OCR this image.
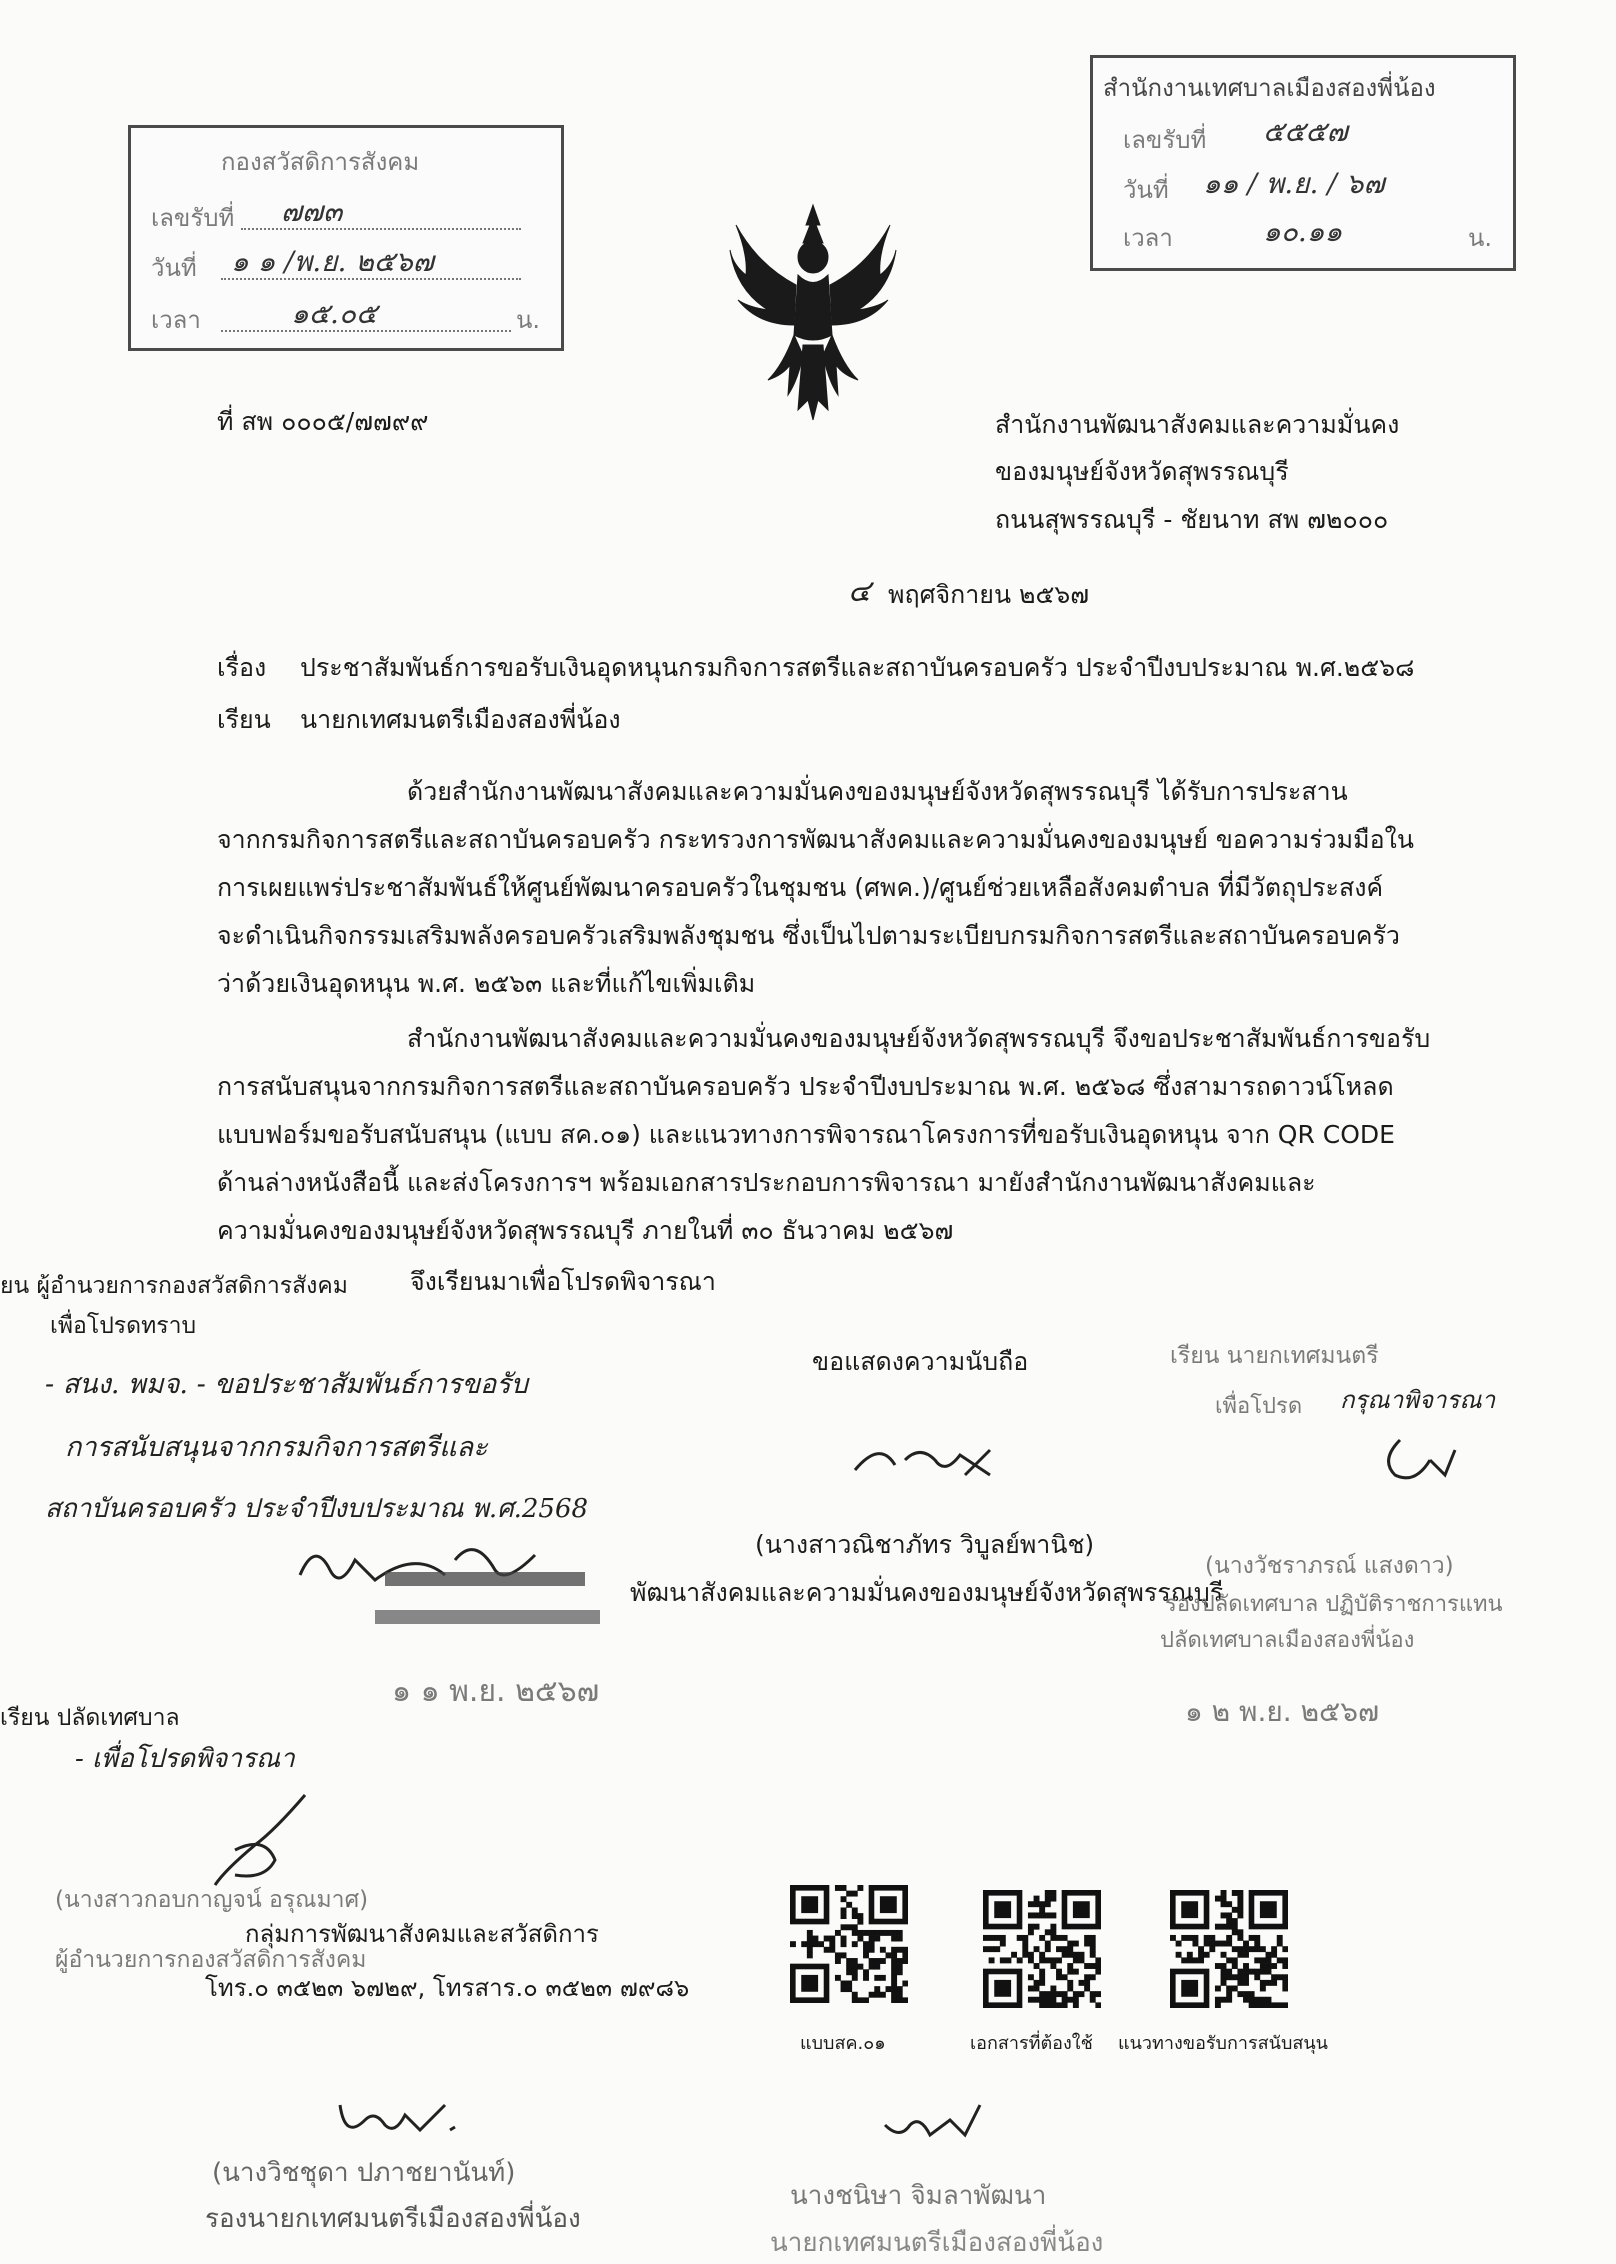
กองสวัสดิการสังคม
เลขรับที่ ๗๗๓
วันที่ ๑ ๑ /พ.ย. ๒๕๖๗
เวลา	๑๕.๐๕	น.
สำนักงานเทศบาลเมืองสองพี่น้อง
เลขรับที่ ๕๕๕๗
วันที่ ๑๑ / พ.ย. / ๖๗
เวลา	๑๐.๑๑	น.
ที่ สพ ๐๐๐๕/๗๗๙๙	สำนักงานพัฒนาสังคมและความมั่นคง
ของมนุษย์จังหวัดสุพรรณบุรี
ถนนสุพรรณบุรี - ชัยนาท สพ ๗๒๐๐๐
๔ พฤศจิกายน ๒๕๖๗
เรื่อง ประชาสัมพันธ์การขอรับเงินอุดหนุนกรมกิจการสตรีและสถาบันครอบครัว ประจำปีงบประมาณ พ.ศ.๒๕๖๘
เรียน นายกเทศมนตรีเมืองสองพี่น้อง
ด้วยสำนักงานพัฒนาสังคมและความมั่นคงของมนุษย์จังหวัดสุพรรณบุรี ได้รับการประสาน
จากกรมกิจการสตรีและสถาบันครอบครัว กระทรวงการพัฒนาสังคมและความมั่นคงของมนุษย์ ขอความร่วมมือใน
การเผยแพร่ประชาสัมพันธ์ให้ศูนย์พัฒนาครอบครัวในชุมชน (ศพค.)/ศูนย์ช่วยเหลือสังคมตำบล ที่มีวัตถุประสงค์
จะดำเนินกิจกรรมเสริมพลังครอบครัวเสริมพลังชุมชน ซึ่งเป็นไปตามระเบียบกรมกิจการสตรีและสถาบันครอบครัว
ว่าด้วยเงินอุดหนุน พ.ศ. ๒๕๖๓ และที่แก้ไขเพิ่มเติม
สำนักงานพัฒนาสังคมและความมั่นคงของมนุษย์จังหวัดสุพรรณบุรี จึงขอประชาสัมพันธ์การขอรับ
การสนับสนุนจากกรมกิจการสตรีและสถาบันครอบครัว ประจำปีงบประมาณ พ.ศ. ๒๕๖๘ ซึ่งสามารถดาวน์โหลด
แบบฟอร์มขอรับสนับสนุน (แบบ สค.๐๑) และแนวทางการพิจารณาโครงการที่ขอรับเงินอุดหนุน จาก QR CODE
ด้านล่างหนังสือนี้ และส่งโครงการฯ พร้อมเอกสารประกอบการพิจารณา มายังสำนักงานพัฒนาสังคมและ
ความมั่นคงของมนุษย์จังหวัดสุพรรณบุรี ภายในที่ ๓๐ ธันวาคม ๒๕๖๗
จึงเรียนมาเพื่อโปรดพิจารณา
ยน ผู้อำนวยการกองสวัสดิการสังคม
เพื่อโปรดทราบ
- สนง. พมจ. - ขอประชาสัมพันธ์การขอรับ
การสนับสนุนจากกรมกิจการสตรีและ
สถาบันครอบครัว ประจำปีงบประมาณ พ.ศ.2568
๑ ๑ พ.ย. ๒๕๖๗
ขอแสดงความนับถือ
(นางสาวณิชาภัทร วิบูลย์พานิช)
พัฒนาสังคมและความมั่นคงของมนุษย์จังหวัดสุพรรณบุรี
เรียน นายกเทศมนตรี
เพื่อโปรด กรุณาพิจารณา
(นางวัชราภรณ์ แสงดาว)
รองปลัดเทศบาล ปฏิบัติราชการแทน
ปลัดเทศบาลเมืองสองพี่น้อง
๑ ๒ พ.ย. ๒๕๖๗
เรียน ปลัดเทศบาล
- เพื่อโปรดพิจารณา
(นางสาวกอบกาญจน์ อรุณมาศ)
ผู้อำนวยการกองสวัสดิการสังคม
กลุ่มการพัฒนาสังคมและสวัสดิการ
โทร.๐ ๓๕๒๓ ๖๗๒๙, โทรสาร.๐ ๓๕๒๓ ๗๙๘๖
แบบสค.๐๑	เอกสารที่ต้องใช้ แนวทางขอรับการสนับสนุน
(นางวิชชุดา ปภาชยานันท์)
รองนายกเทศมนตรีเมืองสองพี่น้อง
นางชนิษา จิมลาพัฒนา
นายกเทศมนตรีเมืองสองพี่น้อง
